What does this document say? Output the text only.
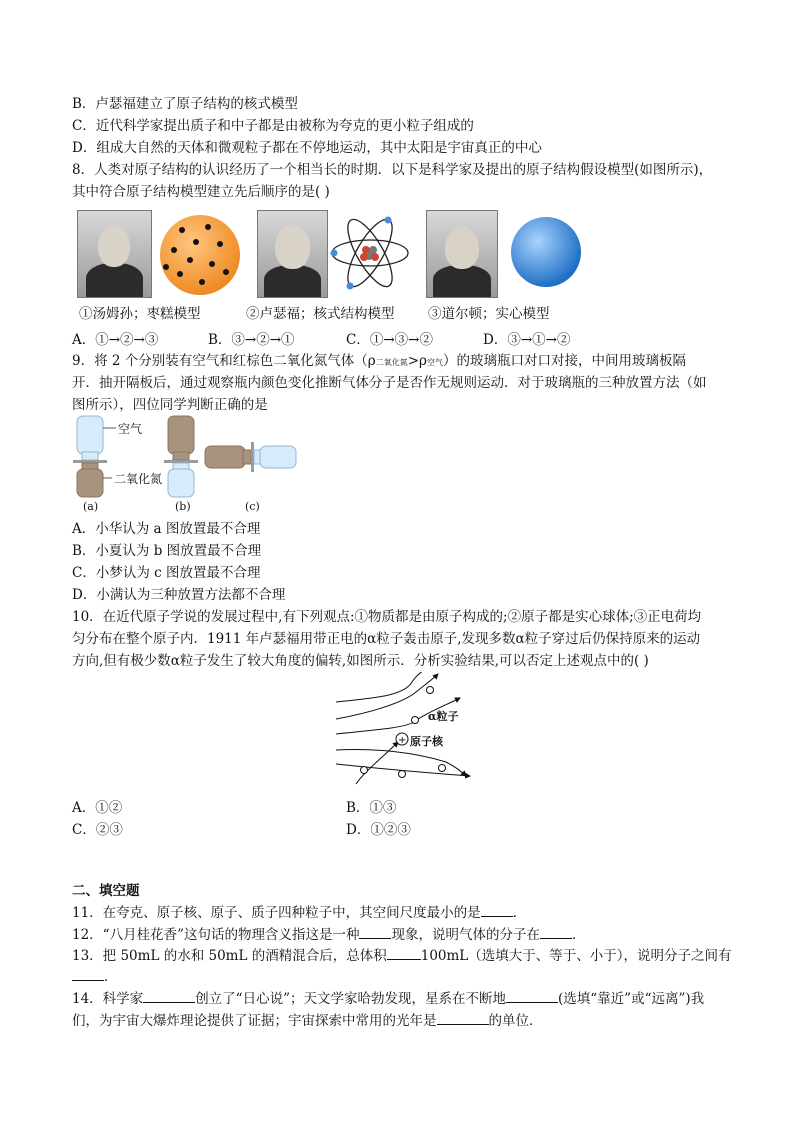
B．卢瑟福建立了原子结构的核式模型
C．近代科学家提出质子和中子都是由被称为夸克的更小粒子组成的
D．组成大自然的天体和微观粒子都在不停地运动，其中太阳是宇宙真正的中心
8．人类对原子结构的认识经历了一个相当长的时期．以下是科学家及提出的原子结构假设模型(如图所示)，
其中符合原子结构模型建立先后顺序的是( )
①汤姆孙；枣糕模型	②卢瑟福；核式结构模型 ③道尔顿；实心模型
A．①→②→③	B．③→②→①	C．①→③→②	D．③→①→②
9．将 2 个分别装有空气和红棕色二氧化氮气体（ρ二氧化氮>ρ空气）的玻璃瓶口对口对接，中间用玻璃板隔
开．抽开隔板后，通过观察瓶内颜色变化推断气体分子是否作无规则运动．对于玻璃瓶的三种放置方法（如
图所示），四位同学判断正确的是
空气
二氧化氮
(a)	(b)	(c)
A．小华认为 a 图放置最不合理
B．小夏认为 b 图放置最不合理
C．小梦认为 c 图放置最不合理
D．小满认为三种放置方法都不合理
10．在近代原子学说的发展过程中,有下列观点:①物质都是由原子构成的;②原子都是实心球体;③正电荷均
匀分布在整个原子内．1911 年卢瑟福用带正电的α粒子轰击原子,发现多数α粒子穿过后仍保持原来的运动
方向,但有极少数α粒子发生了较大角度的偏转,如图所示．分析实验结果,可以否定上述观点中的( )
+
α粒子
原子核
A．①②	B．①③
C．②③	D．①②③
二、填空题
11．在夸克、原子核、原子、质子四种粒子中，其空间尺度最小的是 ．
12．“八月桂花香”这句话的物理含义指这是一种 现象，说明气体的分子在 ．
13．把 50mL 的水和 50mL 的酒精混合后，总体积	100mL（选填大于、等于、小于），说明分子之间有
．
14．科学家	创立了“日心说”；天文学家哈勃发现，星系在不断地	(选填“靠近”或“远离”)我
们，为宇宙大爆炸理论提供了证据；宇宙探索中常用的光年是	的单位．
